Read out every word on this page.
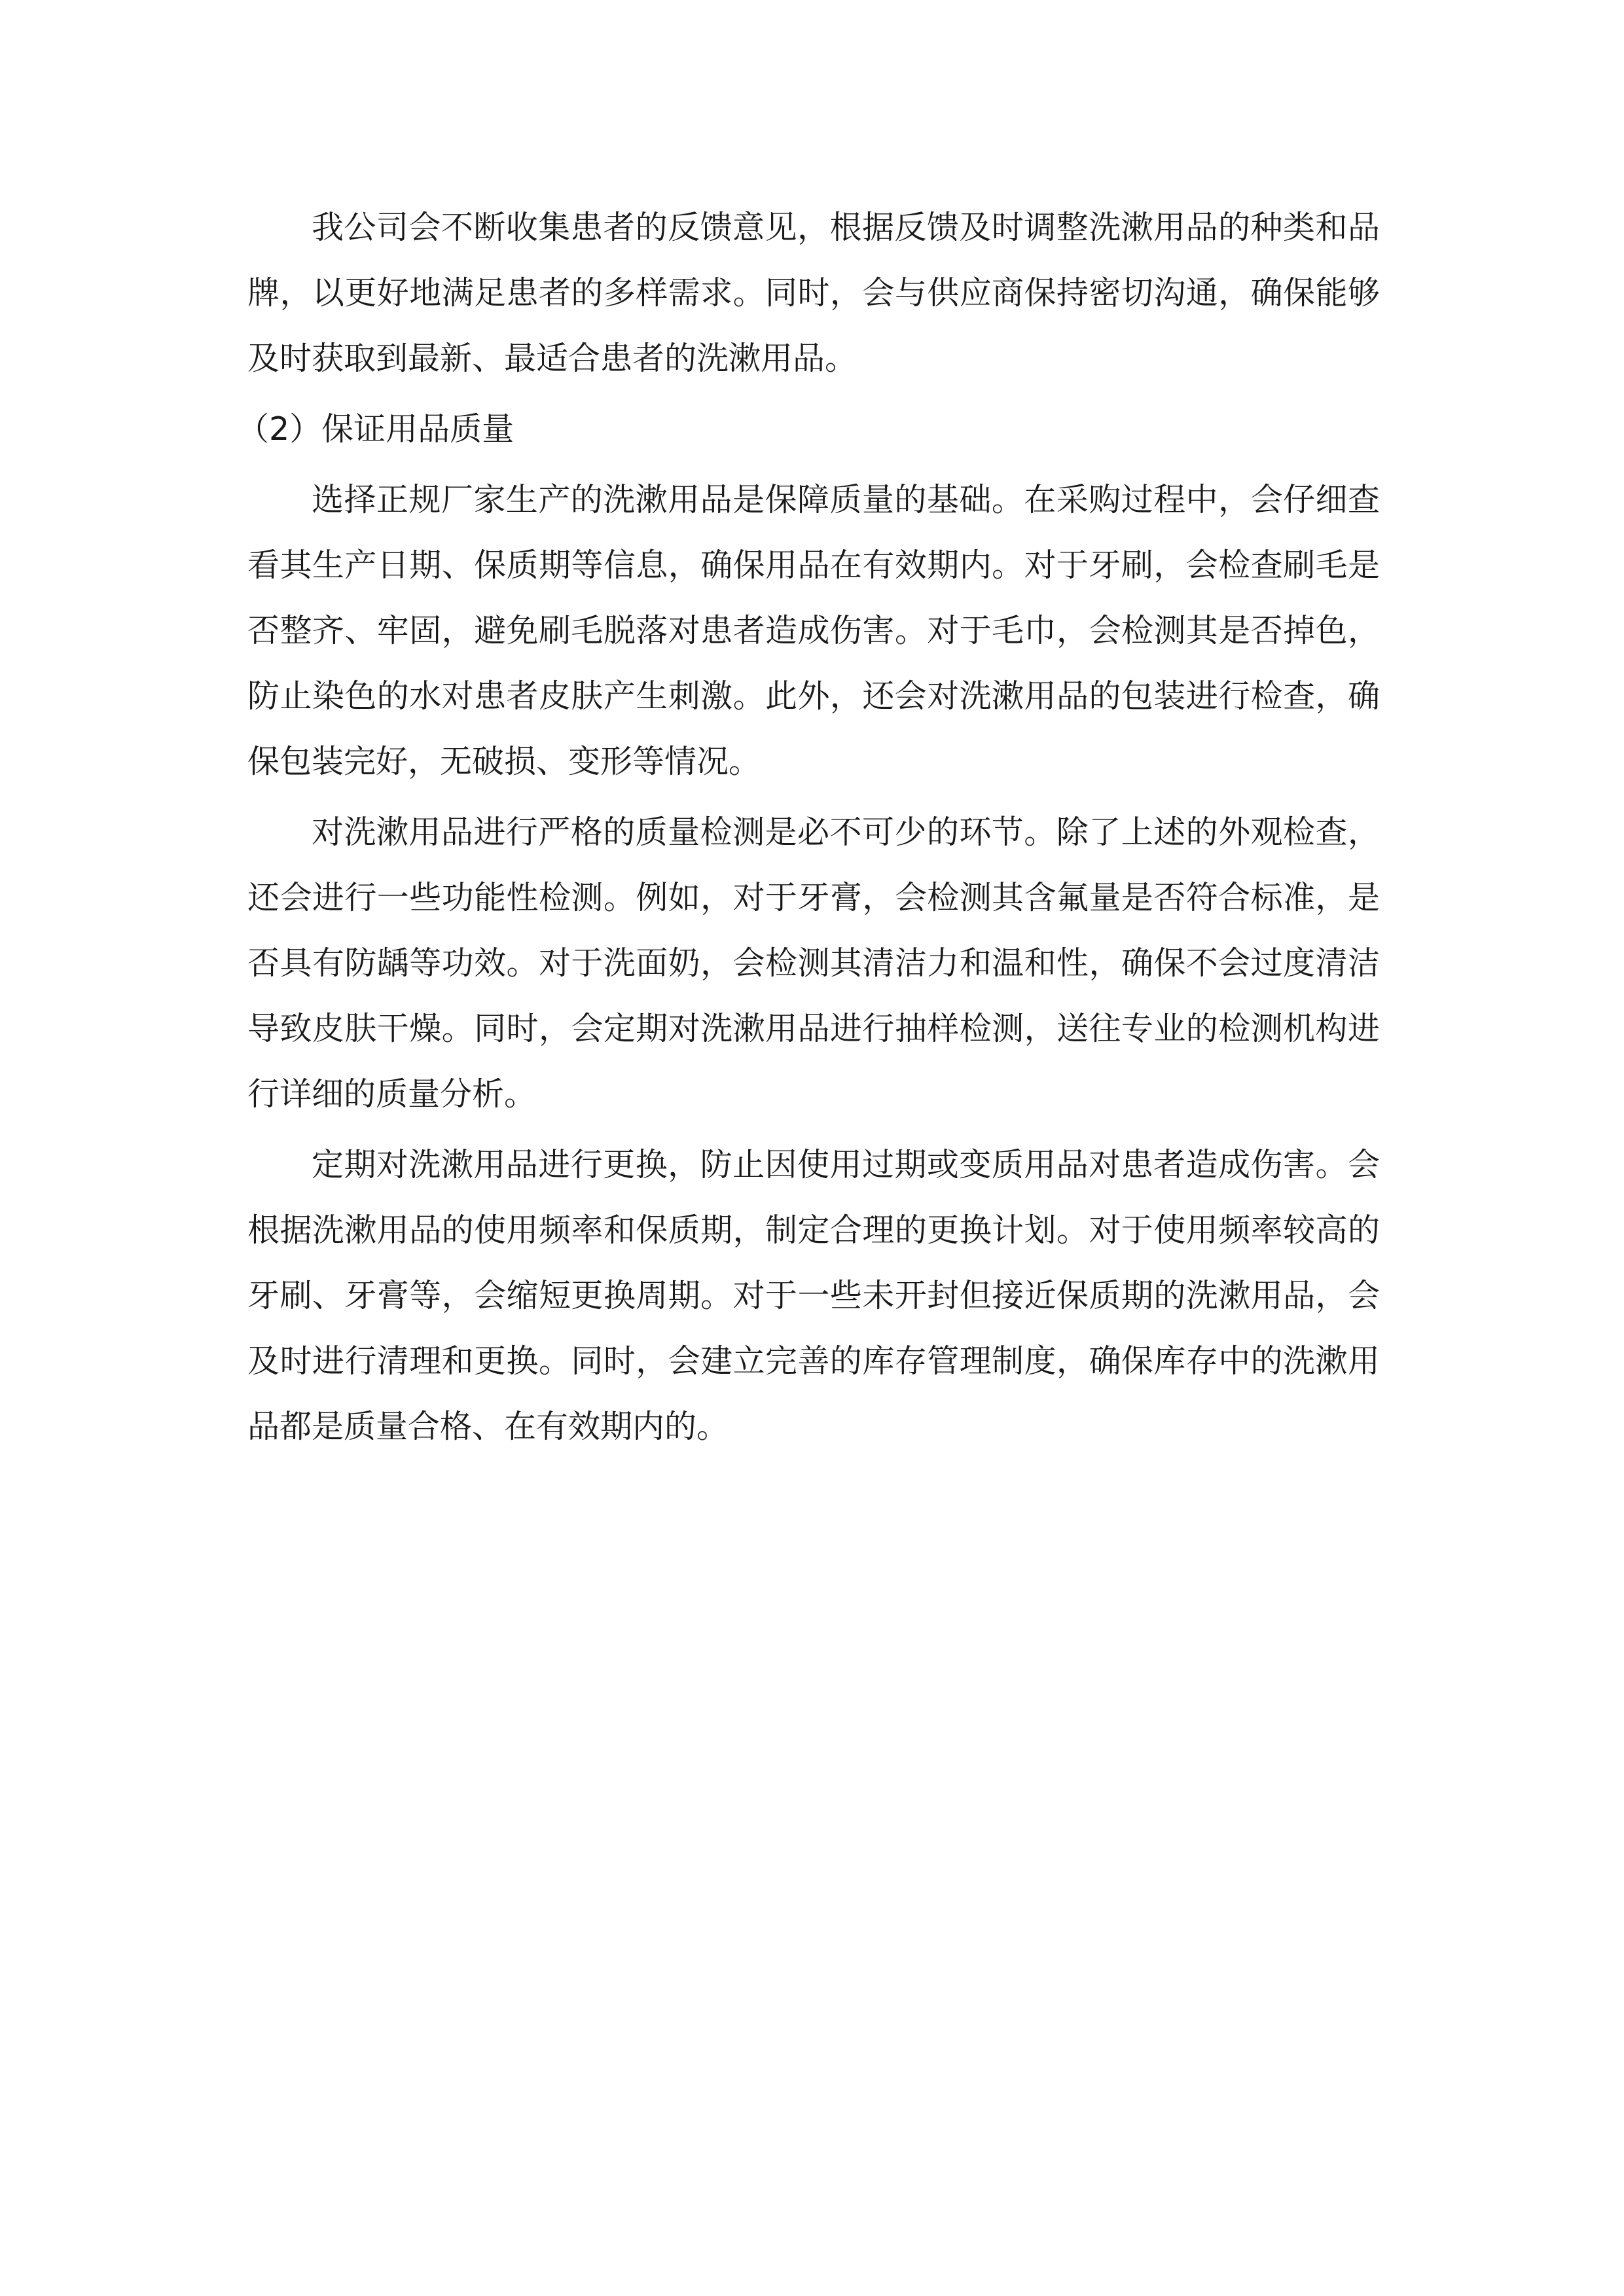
我公司会不断收集患者的反馈意见，根据反馈及时调整洗漱用品的种类和品牌，以更好地满足患者的多样需求。同时，会与供应商保持密切沟通，确保能够及时获取到最新、最适合患者的洗漱用品。

（2）保证用品质量

选择正规厂家生产的洗漱用品是保障质量的基础。在采购过程中，会仔细查看其生产日期、保质期等信息，确保用品在有效期内。对于牙刷，会检查刷毛是否整齐、牢固，避免刷毛脱落对患者造成伤害。对于毛巾，会检测其是否掉色，防止染色的水对患者皮肤产生刺激。此外，还会对洗漱用品的包装进行检查，确保包装完好，无破损、变形等情况。

对洗漱用品进行严格的质量检测是必不可少的环节。除了上述的外观检查，还会进行一些功能性检测。例如，对于牙膏，会检测其含氟量是否符合标准，是否具有防龋等功效。对于洗面奶，会检测其清洁力和温和性，确保不会过度清洁导致皮肤干燥。同时，会定期对洗漱用品进行抽样检测，送往专业的检测机构进行详细的质量分析。

定期对洗漱用品进行更换，防止因使用过期或变质用品对患者造成伤害。会根据洗漱用品的使用频率和保质期，制定合理的更换计划。对于使用频率较高的牙刷、牙膏等，会缩短更换周期。对于一些未开封但接近保质期的洗漱用品，会及时进行清理和更换。同时，会建立完善的库存管理制度，确保库存中的洗漱用品都是质量合格、在有效期内的。
